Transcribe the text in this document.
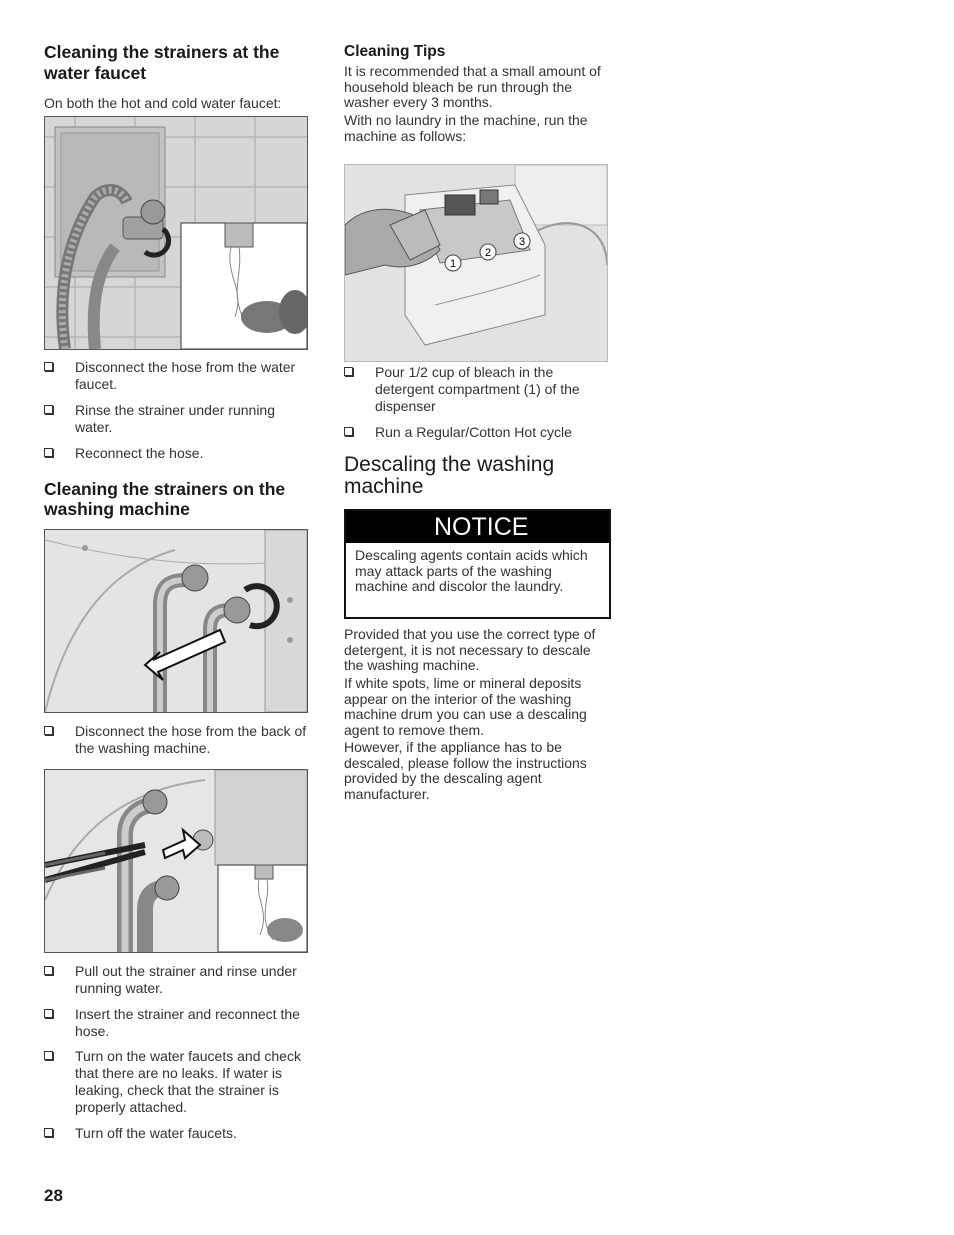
Cleaning the strainers at the water faucet

On both the hot and cold water faucet:

Disconnect the hose from the water faucet.
Rinse the strainer under running water.
Reconnect the hose.
Cleaning the strainers on the washing machine
Disconnect the hose from the back of the washing machine.
Pull out the strainer and rinse under running water.
Insert the strainer and reconnect the hose.
Turn on the water faucets and check that there are no leaks. If water is leaking, check that the strainer is properly attached.
Turn off the water faucets.
Cleaning Tips

It is recommended that a small amount of household bleach be run through the washer every 3 months.

With no laundry in the machine, run the machine as follows:

1
2
3
Pour 1/2 cup of bleach in the detergent compartment (1) of the dispenser
Run a Regular/Cotton Hot cycle
Descaling the washing machine
NOTICE
Descaling agents contain acids which may attack parts of the washing machine and discolor the laundry.

Provided that you use the correct type of detergent, it is not necessary to descale the washing machine.

If white spots, lime or mineral deposits appear on the interior of the washing machine drum you can use a descaling agent to remove them.

However, if the appliance has to be descaled, please follow the instructions provided by the descaling agent manufacturer.

28
